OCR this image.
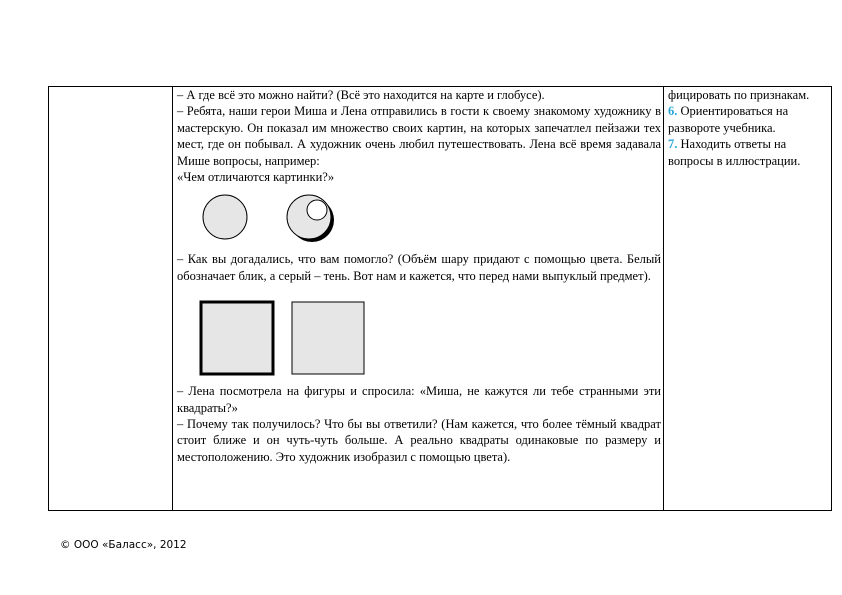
– А где всё это можно найти? (Всё это находится на карте и глобусе).

– Ребята, наши герои Миша и Лена отправились в гости к своему знакомому художнику в мастерскую. Он показал им множество своих картин, на которых запечатлел пейзажи тех мест, где он побывал. А художник очень любил путешествовать. Лена всё время задавала Мише вопросы, например:

«Чем отличаются картинки?»

– Как вы догадались, что вам помогло? (Объём шару придают с помощью цвета. Белый обозначает блик, а серый – тень. Вот нам и кажется, что перед нами выпуклый предмет).

– Лена посмотрела на фигуры и спросила: «Миша, не кажутся ли тебе странными эти квадраты?»

– Почему так получилось? Что бы вы ответили? (Нам кажется, что более тёмный квадрат стоит ближе и он чуть-чуть больше. А реально квадраты одинаковые по размеру и местоположению. Это художник изобразил с помощью цвета).

фицировать по признакам.

6. Ориентироваться на развороте учебника.

7. Находить ответы на
вопросы в иллюстрации.

© ООО «Баласс», 2012
